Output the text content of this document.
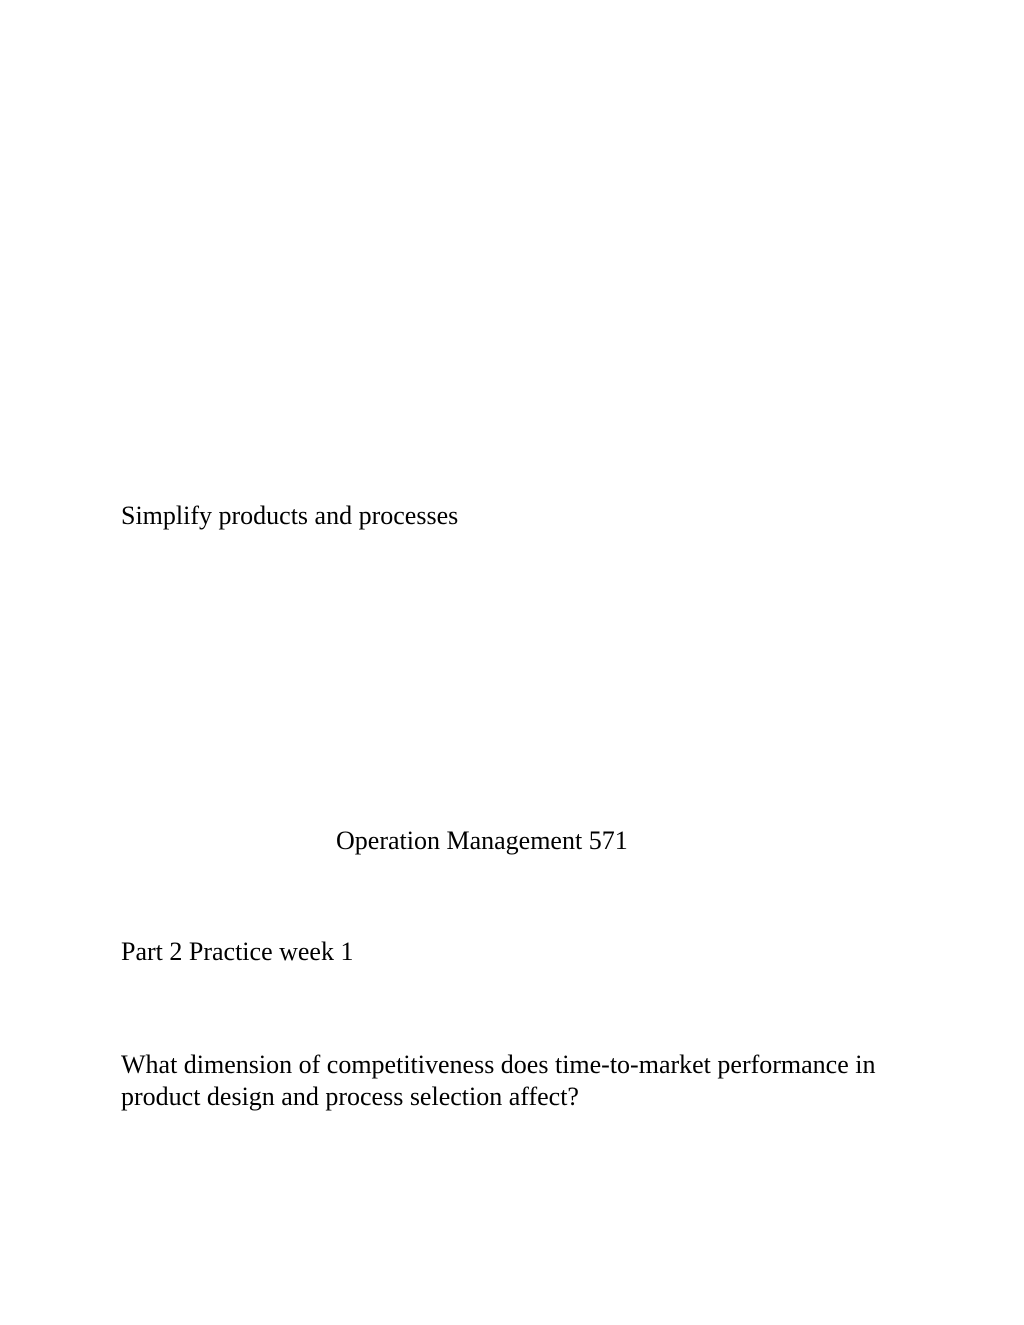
Simplify products and processes

Operation Management 571

Part 2 Practice week 1

What dimension of competitiveness does time-to-market performance in
product design and process selection affect?
